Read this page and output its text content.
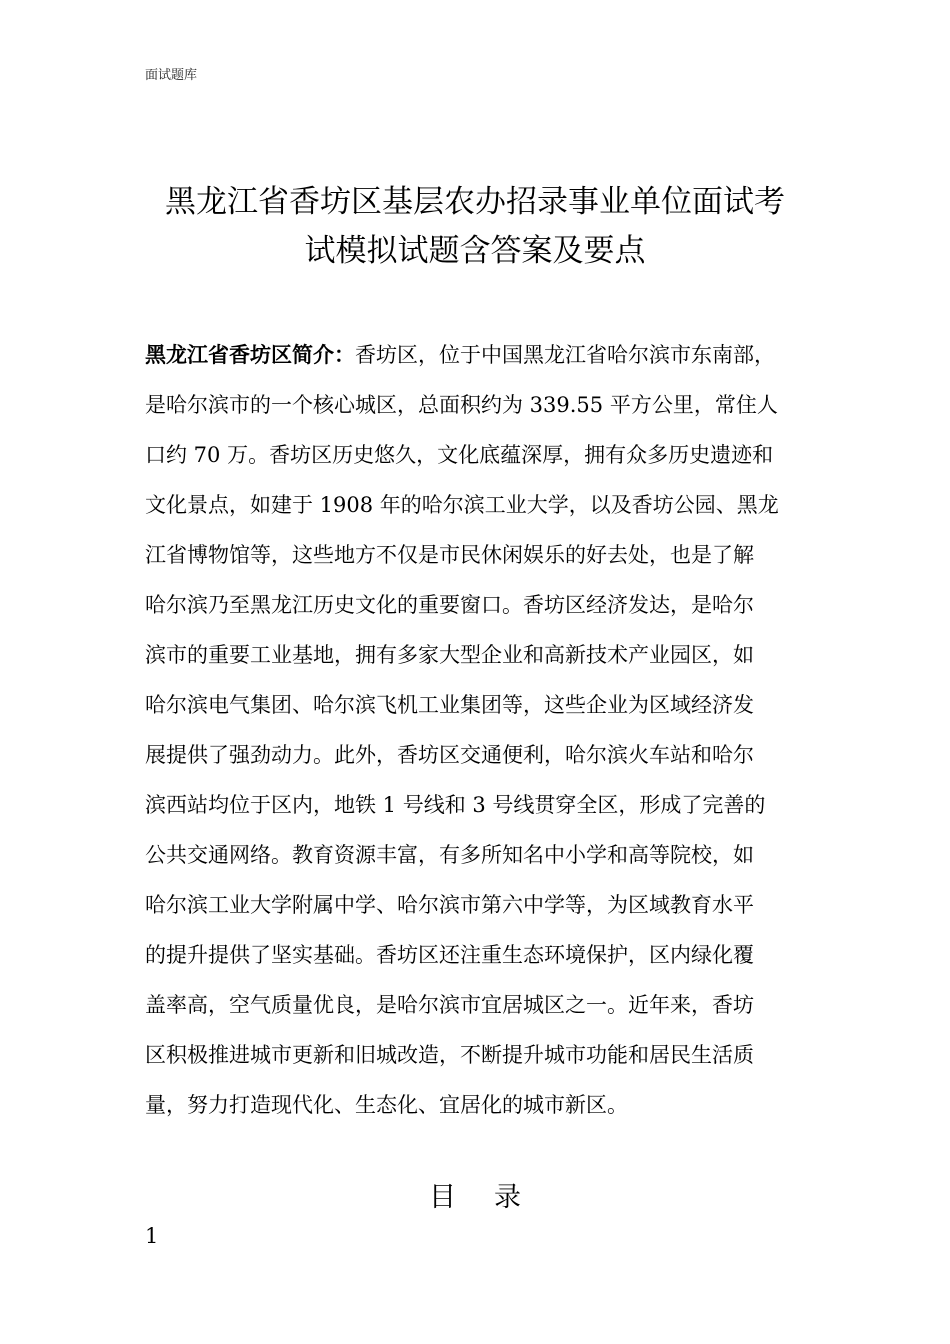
面试题库
黑龙江省香坊区基层农办招录事业单位面试考
试模拟试题含答案及要点
黑龙江省香坊区简介：香坊区，位于中国黑龙江省哈尔滨市东南部，
是哈尔滨市的一个核心城区，总面积约为 339.55 平方公里，常住人
口约 70 万。香坊区历史悠久，文化底蕴深厚，拥有众多历史遗迹和
文化景点，如建于 1908 年的哈尔滨工业大学，以及香坊公园、黑龙
江省博物馆等，这些地方不仅是市民休闲娱乐的好去处，也是了解
哈尔滨乃至黑龙江历史文化的重要窗口。香坊区经济发达，是哈尔
滨市的重要工业基地，拥有多家大型企业和高新技术产业园区，如
哈尔滨电气集团、哈尔滨飞机工业集团等，这些企业为区域经济发
展提供了强劲动力。此外，香坊区交通便利，哈尔滨火车站和哈尔
滨西站均位于区内，地铁 1 号线和 3 号线贯穿全区，形成了完善的
公共交通网络。教育资源丰富，有多所知名中小学和高等院校，如
哈尔滨工业大学附属中学、哈尔滨市第六中学等，为区域教育水平
的提升提供了坚实基础。香坊区还注重生态环境保护，区内绿化覆
盖率高，空气质量优良，是哈尔滨市宜居城区之一。近年来，香坊
区积极推进城市更新和旧城改造，不断提升城市功能和居民生活质
量，努力打造现代化、生态化、宜居化的城市新区。
目录
1
